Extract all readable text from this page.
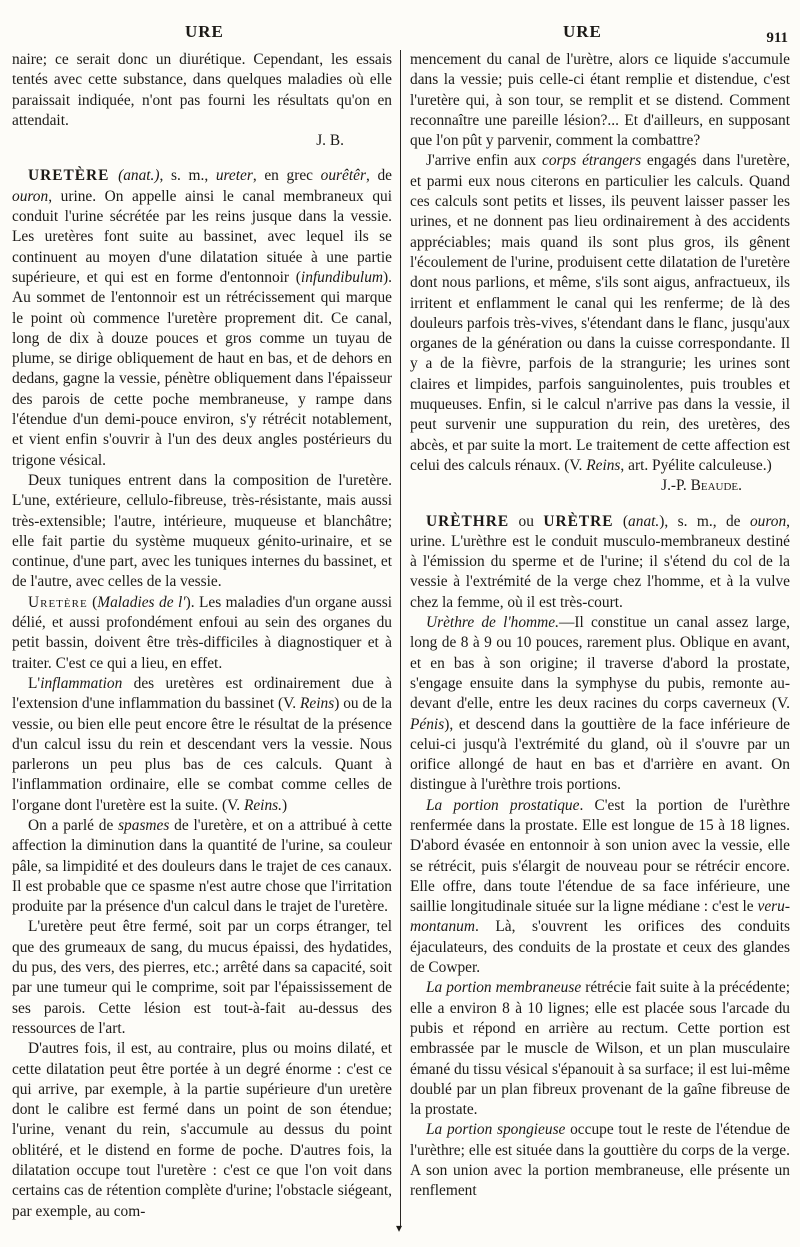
URE	URE	911

naire; ce serait donc un diurétique. Cependant, les essais tentés avec cette substance, dans quelques maladies où elle paraissait indiquée, n'ont pas fourni les résultats qu'on en attendait.
J. B.

URETÈRE (anat.), s. m., ureter, en grec ourêtêr, de ouron, urine. On appelle ainsi le canal membraneux qui conduit l'urine sécrétée par les reins jusque dans la vessie. Les uretères font suite au bassinet, avec lequel ils se continuent au moyen d'une dilatation située à une partie supérieure, et qui est en forme d'entonnoir (infundibulum). Au sommet de l'entonnoir est un rétrécissement qui marque le point où commence l'uretère proprement dit. Ce canal, long de dix à douze pouces et gros comme un tuyau de plume, se dirige obliquement de haut en bas, et de dehors en dedans, gagne la vessie, pénètre obliquement dans l'épaisseur des parois de cette poche membraneuse, y rampe dans l'étendue d'un demi-pouce environ, s'y rétrécit notablement, et vient enfin s'ouvrir à l'un des deux angles postérieurs du trigone vésical.

Deux tuniques entrent dans la composition de l'uretère. L'une, extérieure, cellulo-fibreuse, très-résistante, mais aussi très-extensible; l'autre, intérieure, muqueuse et blanchâtre; elle fait partie du système muqueux génito-urinaire, et se continue, d'une part, avec les tuniques internes du bassinet, et de l'autre, avec celles de la vessie.

Uretère (Maladies de l'). Les maladies d'un organe aussi délié, et aussi profondément enfoui au sein des organes du petit bassin, doivent être très-difficiles à diagnostiquer et à traiter. C'est ce qui a lieu, en effet.

L'inflammation des uretères est ordinairement due à l'extension d'une inflammation du bassinet (V. Reins) ou de la vessie, ou bien elle peut encore être le résultat de la présence d'un calcul issu du rein et descendant vers la vessie. Nous parlerons un peu plus bas de ces calculs. Quant à l'inflammation ordinaire, elle se combat comme celles de l'organe dont l'uretère est la suite. (V. Reins.)

On a parlé de spasmes de l'uretère, et on a attribué à cette affection la diminution dans la quantité de l'urine, sa couleur pâle, sa limpidité et des douleurs dans le trajet de ces canaux. Il est probable que ce spasme n'est autre chose que l'irritation produite par la présence d'un calcul dans le trajet de l'uretère.

L'uretère peut être fermé, soit par un corps étranger, tel que des grumeaux de sang, du mucus épaissi, des hydatides, du pus, des vers, des pierres, etc.; arrêté dans sa capacité, soit par une tumeur qui le comprime, soit par l'épaississement de ses parois. Cette lésion est tout-à-fait au-dessus des ressources de l'art.

D'autres fois, il est, au contraire, plus ou moins dilaté, et cette dilatation peut être portée à un degré énorme : c'est ce qui arrive, par exemple, à la partie supérieure d'un uretère dont le calibre est fermé dans un point de son étendue; l'urine, venant du rein, s'accumule au dessus du point oblitéré, et le distend en forme de poche. D'autres fois, la dilatation occupe tout l'uretère : c'est ce que l'on voit dans certains cas de rétention complète d'urine; l'obstacle siégeant, par exemple, au com-

▾

mencement du canal de l'urètre, alors ce liquide s'accumule dans la vessie; puis celle-ci étant remplie et distendue, c'est l'uretère qui, à son tour, se remplit et se distend. Comment reconnaître une pareille lésion?... Et d'ailleurs, en supposant que l'on pût y parvenir, comment la combattre?

J'arrive enfin aux corps étrangers engagés dans l'uretère, et parmi eux nous citerons en particulier les calculs. Quand ces calculs sont petits et lisses, ils peuvent laisser passer les urines, et ne donnent pas lieu ordinairement à des accidents appréciables; mais quand ils sont plus gros, ils gênent l'écoulement de l'urine, produisent cette dilatation de l'uretère dont nous parlions, et même, s'ils sont aigus, anfractueux, ils irritent et enflamment le canal qui les renferme; de là des douleurs parfois très-vives, s'étendant dans le flanc, jusqu'aux organes de la génération ou dans la cuisse correspondante. Il y a de la fièvre, parfois de la strangurie; les urines sont claires et limpides, parfois sanguinolentes, puis troubles et muqueuses. Enfin, si le calcul n'arrive pas dans la vessie, il peut survenir une suppuration du rein, des uretères, des abcès, et par suite la mort. Le traitement de cette affection est celui des calculs rénaux. (V. Reins, art. Pyélite calculeuse.)
J.-P. Beaude.

URÈTHRE ou URÈTRE (anat.), s. m., de ouron, urine. L'urèthre est le conduit musculo-membraneux destiné à l'émission du sperme et de l'urine; il s'étend du col de la vessie à l'extrémité de la verge chez l'homme, et à la vulve chez la femme, où il est très-court.

Urèthre de l'homme.—Il constitue un canal assez large, long de 8 à 9 ou 10 pouces, rarement plus. Oblique en avant, et en bas à son origine; il traverse d'abord la prostate, s'engage ensuite dans la symphyse du pubis, remonte au-devant d'elle, entre les deux racines du corps caverneux (V. Pénis), et descend dans la gouttière de la face inférieure de celui-ci jusqu'à l'extrémité du gland, où il s'ouvre par un orifice allongé de haut en bas et d'arrière en avant. On distingue à l'urèthre trois portions.

La portion prostatique. C'est la portion de l'urèthre renfermée dans la prostate. Elle est longue de 15 à 18 lignes. D'abord évasée en entonnoir à son union avec la vessie, elle se rétrécit, puis s'élargit de nouveau pour se rétrécir encore. Elle offre, dans toute l'étendue de sa face inférieure, une saillie longitudinale située sur la ligne médiane : c'est le veru-montanum. Là, s'ouvrent les orifices des conduits éjaculateurs, des conduits de la prostate et ceux des glandes de Cowper.

La portion membraneuse rétrécie fait suite à la précédente; elle a environ 8 à 10 lignes; elle est placée sous l'arcade du pubis et répond en arrière au rectum. Cette portion est embrassée par le muscle de Wilson, et un plan musculaire émané du tissu vésical s'épanouit à sa surface; il est lui-même doublé par un plan fibreux provenant de la gaîne fibreuse de la prostate.

La portion spongieuse occupe tout le reste de l'étendue de l'urèthre; elle est située dans la gouttière du corps de la verge. A son union avec la portion membraneuse, elle présente un renflement
